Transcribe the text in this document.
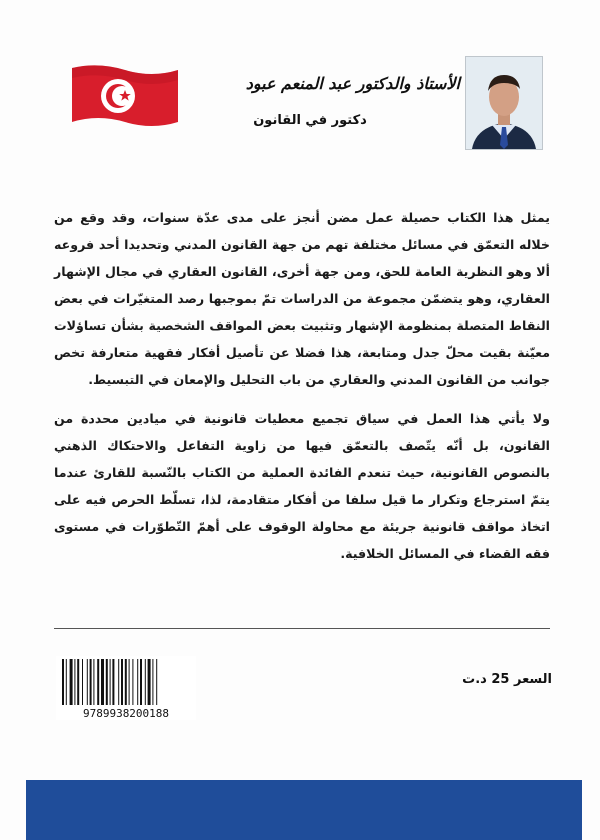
الأستاذ والدكتور عبد المنعم عبود
دكتور في القانون

يمثل هذا الكتاب حصيلة عمل مضن أنجز على مدى عدّة سنوات، وقد وقع من خلاله التعمّق في مسائل مختلفة تهم من جهة القانون المدني وتحديدا أحد فروعه ألا وهو النظرية العامة للحق، ومن جهة أخرى، القانون العقاري في مجال الإشهار العقاري، وهو يتضمّن مجموعة من الدراسات تمّ بموجبها رصد المتغيّرات في بعض النقاط المتصلة بمنظومة الإشهار وتثبيت بعض المواقف الشخصية بشأن تساؤلات معيّنة بقيت محلّ جدل ومتابعة، هذا فضلا عن تأصيل أفكار فقهية متعارفة تخص جوانب من القانون المدني والعقاري من باب التحليل والإمعان في التبسيط.

ولا يأتي هذا العمل في سياق تجميع معطيات قانونية في ميادين محددة من القانون، بل أنّه يتّصف بالتعمّق فيها من زاوية التفاعل والاحتكاك الذهني بالنصوص القانونية، حيث تنعدم الفائدة العملية من الكتاب بالنّسبة للقارئ عندما يتمّ استرجاع وتكرار ما قيل سلفا من أفكار متقادمة، لذا، تسلّط الحرص فيه على اتخاذ مواقف قانونية جريئة مع محاولة الوقوف على أهمّ التّطوّرات في مستوى فقه القضاء في المسائل الخلافية.

9789938200188
السعر 25 د.ت
